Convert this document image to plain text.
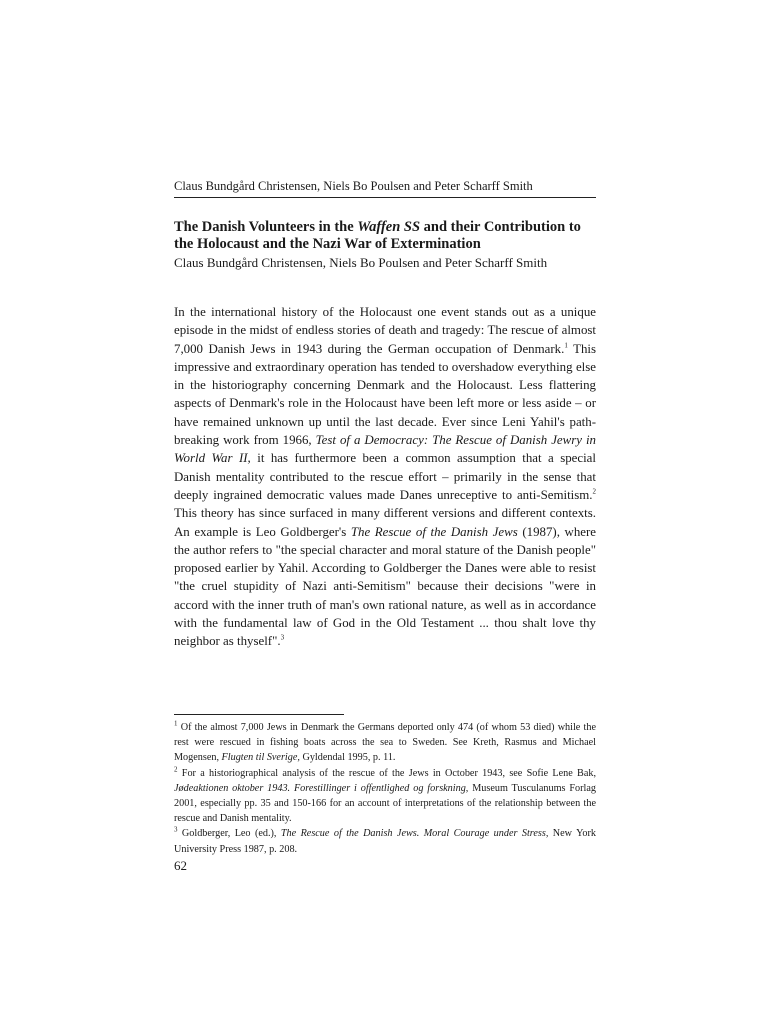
Claus Bundgård Christensen, Niels Bo Poulsen and Peter Scharff Smith

The Danish Volunteers in the Waffen SS and their Contribution to the Holocaust and the Nazi War of Extermination

Claus Bundgård Christensen, Niels Bo Poulsen and Peter Scharff Smith
In the international history of the Holocaust one event stands out as a unique episode in the midst of endless stories of death and tragedy: The rescue of almost 7,000 Danish Jews in 1943 during the German occupation of Denmark.$^1$ This impressive and extraordinary operation has tended to overshadow everything else in the historiography concerning Denmark and the Holocaust. Less flattering aspects of Denmark's role in the Holocaust have been left more or less aside – or have remained unknown up until the last decade. Ever since Leni Yahil's path-breaking work from 1966, Test of a Democracy: The Rescue of Danish Jewry in World War II, it has furthermore been a common assumption that a special Danish mentality contributed to the rescue effort – primarily in the sense that deeply ingrained democratic values made Danes unreceptive to anti-Semitism.$^2$ This theory has since surfaced in many different versions and different contexts. An example is Leo Goldberger's The Rescue of the Danish Jews (1987), where the author refers to "the special character and moral stature of the Danish people" proposed earlier by Yahil. According to Goldberger the Danes were able to resist "the cruel stupidity of Nazi anti-Semitism" because their decisions "were in accord with the inner truth of man's own rational nature, as well as in accordance with the fundamental law of God in the Old Testament ... thou shalt love thy neighbor as thyself".$^3$

$^1$ Of the almost 7,000 Jews in Denmark the Germans deported only 474 (of whom 53 died) while the rest were rescued in fishing boats across the sea to Sweden. See Kreth, Rasmus and Michael Mogensen, Flugten til Sverige, Gyldendal 1995, p. 11.

$^2$ For a historiographical analysis of the rescue of the Jews in October 1943, see Sofie Lene Bak, Jødeaktionen oktober 1943. Forestillinger i offentlighed og forskning, Museum Tusculanums Forlag 2001, especially pp. 35 and 150-166 for an account of interpretations of the relationship between the rescue and Danish mentality.

$^3$ Goldberger, Leo (ed.), The Rescue of the Danish Jews. Moral Courage under Stress, New York University Press 1987, p. 208.

62
